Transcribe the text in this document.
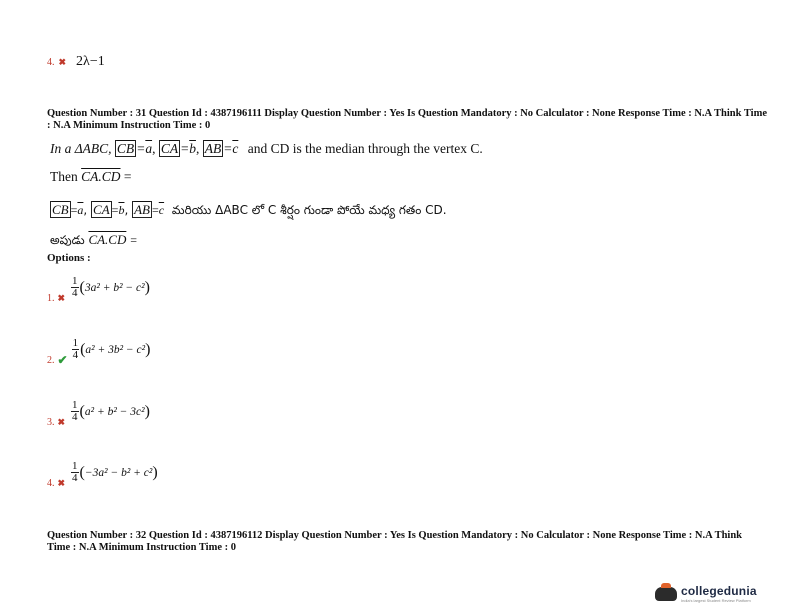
4. ✖ 2λ−1
Question Number : 31 Question Id : 4387196111 Display Question Number : Yes Is Question Mandatory : No Calculator : None Response Time : N.A Think Time : N.A Minimum Instruction Time : 0
In a ΔABC, $\overline{CB} =\overline{a}$, $\overline{CA} =\overline{b}$, $\overline{AB} =\overline{c}$ and CD is the median through the vertex C.
Then CA.CD =
$\overline{CB} =\overline{a}$, $\overline{CA} =\overline{b}$, $\overline{AB} =\overline{c}$ మరియు ΔABC లో C శీర్షం గుండా పోయే మధ్య గతం CD.
అపుడు CA.CD =
Options :
1. ✖ $\frac{1}{4}$ ( 3a² + b² − c² )
2. ✔ $\frac{1}{4}$ ( a² + 3b² − c² )
3. ✖ $\frac{1}{4}$ ( a² + b² − 3c² )
4. ✖ $\frac{1}{4}$ ( −3a² − b² + c² )
Question Number : 32 Question Id : 4387196112 Display Question Number : Yes Is Question Mandatory : No Calculator : None Response Time : N.A Think Time : N.A Minimum Instruction Time : 0
collegedunia
India's largest Student Review Platform
